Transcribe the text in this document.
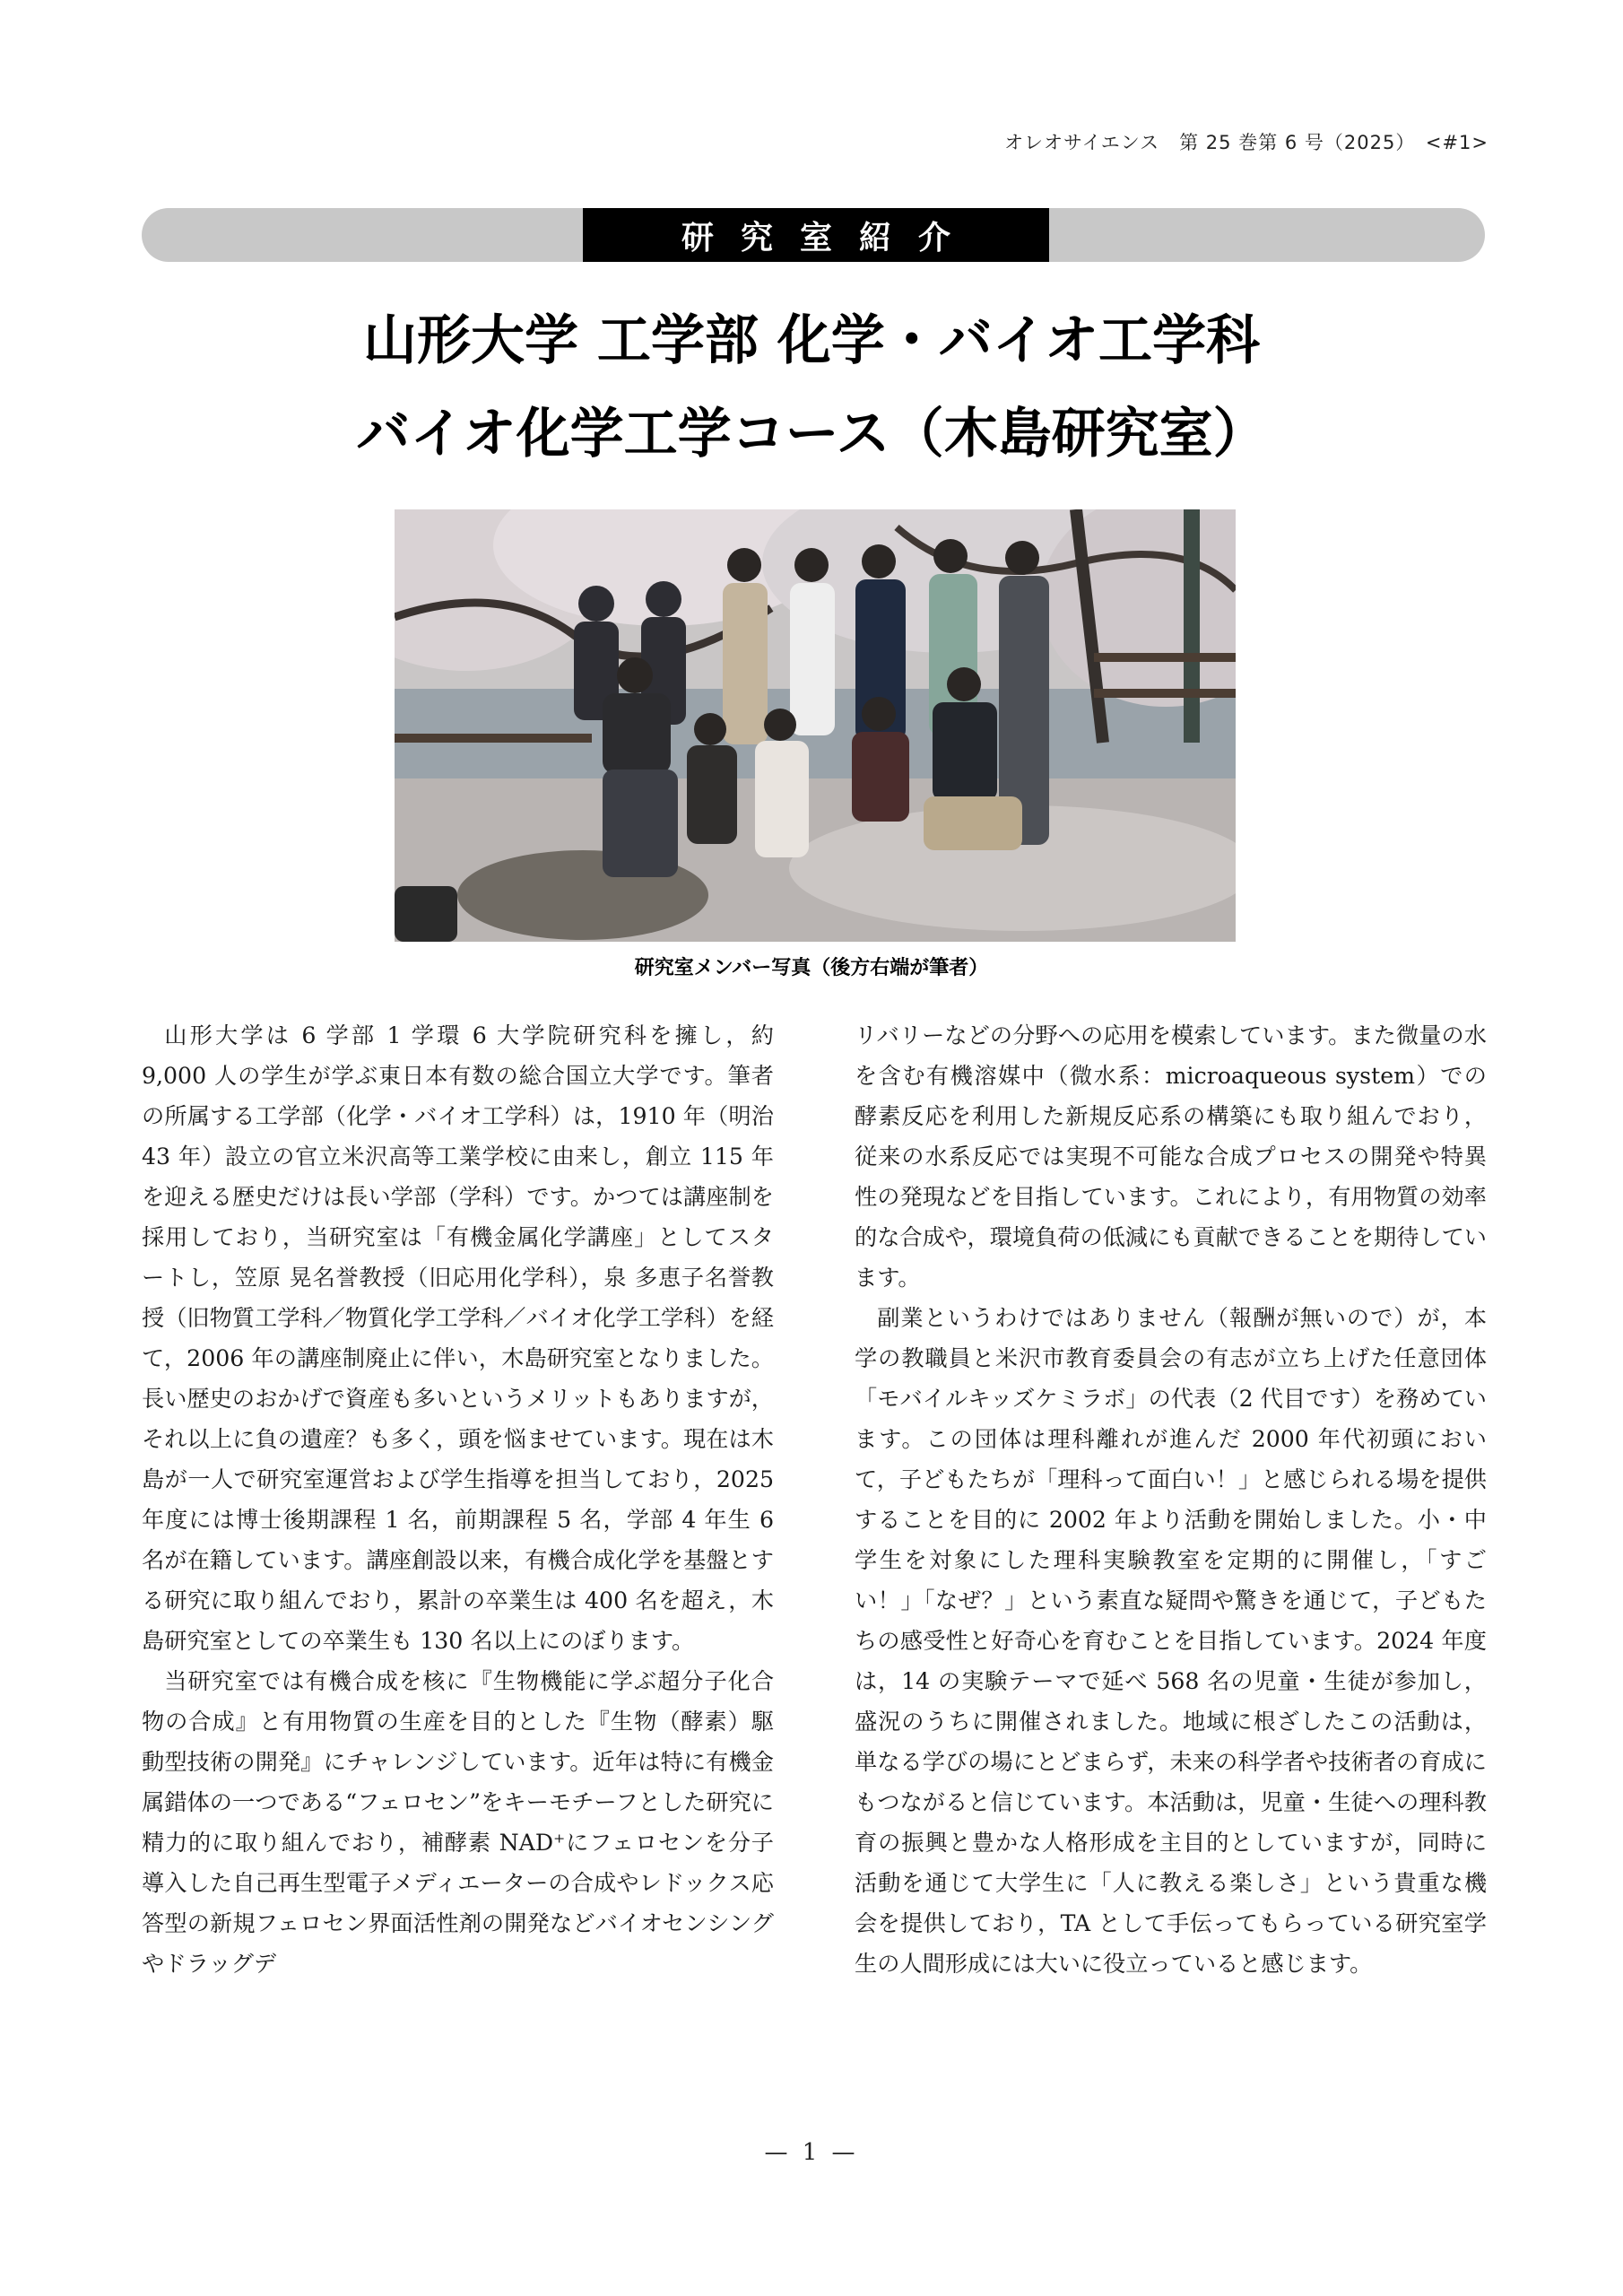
オレオサイエンス　第 25 巻第 6 号（2025）　<#1>
研究室紹介
山形大学 工学部 化学・バイオ工学科
バイオ化学工学コース（木島研究室）
研究室メンバー写真（後方右端が筆者）

山形大学は 6 学部 1 学環 6 大学院研究科を擁し，約 9,000 人の学生が学ぶ東日本有数の総合国立大学です。筆者の所属する工学部（化学・バイオ工学科）は，1910 年（明治 43 年）設立の官立米沢高等工業学校に由来し，創立 115 年を迎える歴史だけは長い学部（学科）です。かつては講座制を採用しており，当研究室は「有機金属化学講座」としてスタートし，笠原 晃名誉教授（旧応用化学科），泉 多恵子名誉教授（旧物質工学科／物質化学工学科／バイオ化学工学科）を経て，2006 年の講座制廃止に伴い，木島研究室となりました。長い歴史のおかげで資産も多いというメリットもありますが，それ以上に負の遺産？も多く，頭を悩ませています。現在は木島が一人で研究室運営および学生指導を担当しており，2025 年度には博士後期課程 1 名，前期課程 5 名，学部 4 年生 6 名が在籍しています。講座創設以来，有機合成化学を基盤とする研究に取り組んでおり，累計の卒業生は 400 名を超え，木島研究室としての卒業生も 130 名以上にのぼります。

当研究室では有機合成を核に『生物機能に学ぶ超分子化合物の合成』と有用物質の生産を目的とした『生物（酵素）駆動型技術の開発』にチャレンジしています。近年は特に有機金属錯体の一つである“フェロセン”をキーモチーフとした研究に精力的に取り組んでおり，補酵素 NAD⁺にフェロセンを分子導入した自己再生型電子メディエーターの合成やレドックス応答型の新規フェロセン界面活性剤の開発などバイオセンシングやドラッグデ

リバリーなどの分野への応用を模索しています。また微量の水を含む有機溶媒中（微水系：microaqueous system）での酵素反応を利用した新規反応系の構築にも取り組んでおり，従来の水系反応では実現不可能な合成プロセスの開発や特異性の発現などを目指しています。これにより，有用物質の効率的な合成や，環境負荷の低減にも貢献できることを期待しています。

副業というわけではありません（報酬が無いので）が，本学の教職員と米沢市教育委員会の有志が立ち上げた任意団体「モバイルキッズケミラボ」の代表（2 代目です）を務めています。この団体は理科離れが進んだ 2000 年代初頭において，子どもたちが「理科って面白い！」と感じられる場を提供することを目的に 2002 年より活動を開始しました。小・中学生を対象にした理科実験教室を定期的に開催し，「すごい！」「なぜ？」という素直な疑問や驚きを通じて，子どもたちの感受性と好奇心を育むことを目指しています。2024 年度は，14 の実験テーマで延べ 568 名の児童・生徒が参加し，盛況のうちに開催されました。地域に根ざしたこの活動は，単なる学びの場にとどまらず，未来の科学者や技術者の育成にもつながると信じています。本活動は，児童・生徒への理科教育の振興と豊かな人格形成を主目的としていますが，同時に活動を通じて大学生に「人に教える楽しさ」という貴重な機会を提供しており，TA として手伝ってもらっている研究室学生の人間形成には大いに役立っていると感じます。

— 1 —
